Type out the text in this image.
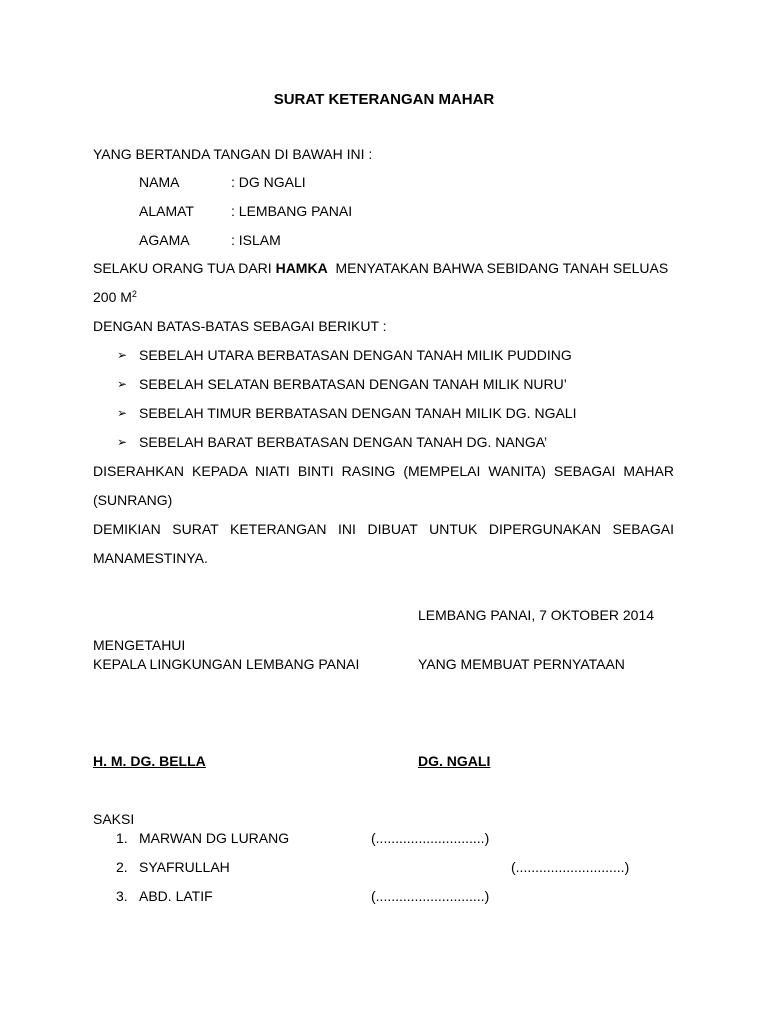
SURAT KETERANGAN MAHAR
YANG BERTANDA TANGAN DI BAWAH INI :
NAMA	: DG NGALI
ALAMAT	: LEMBANG PANAI
AGAMA	: ISLAM
SELAKU ORANG TUA DARI HAMKA MENYATAKAN BAHWA SEBIDANG TANAH SELUAS
200 $M^2$
DENGAN BATAS-BATAS SEBAGAI BERIKUT :
➢ SEBELAH UTARA BERBATASAN DENGAN TANAH MILIK PUDDING
➢ SEBELAH SELATAN BERBATASAN DENGAN TANAH MILIK NURU’
➢ SEBELAH TIMUR BERBATASAN DENGAN TANAH MILIK DG. NGALI
➢ SEBELAH BARAT BERBATASAN DENGAN TANAH DG. NANGA’
DISERAHKAN KEPADA NIATI BINTI RASING (MEMPELAI WANITA) SEBAGAI MAHAR
(SUNRANG)
DEMIKIAN SURAT KETERANGAN INI DIBUAT UNTUK DIPERGUNAKAN SEBAGAI
MANAMESTINYA.
LEMBANG PANAI, 7 OKTOBER 2014
MENGETAHUI
KEPALA LINGKUNGAN LEMBANG PANAI	YANG MEMBUAT PERNYATAAN
H. M. DG. BELLA	DG. NGALI
SAKSI
1. MARWAN DG LURANG	(............................)
2. SYAFRULLAH	(............................)
3. ABD. LATIF	(............................)
